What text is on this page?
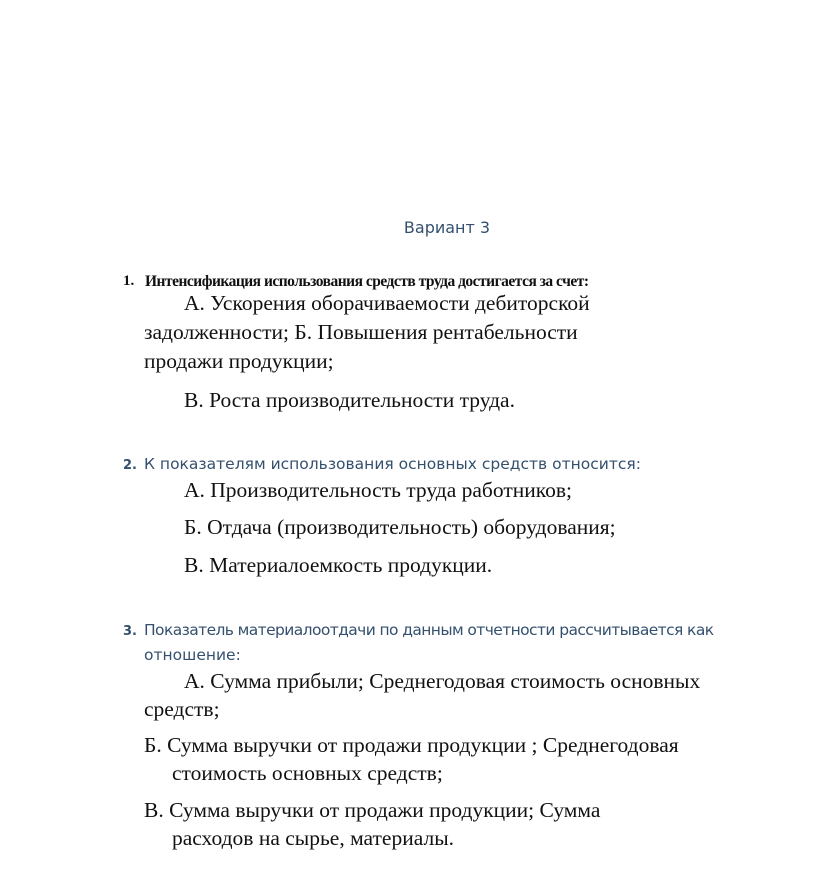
Вариант 3
1. Интенсификация использования средств труда достигается за счет:
А. Ускорения оборачиваемости дебиторской
задолженности; Б. Повышения рентабельности
продажи продукции;
В. Роста производительности труда.
2. К показателям использования основных средств относится:
А. Производительность труда работников;
Б. Отдача (производительность) оборудования;
В. Материалоемкость продукции.
3. Показатель материалоотдачи по данным отчетности рассчитывается как
отношение:
А. Сумма прибыли; Среднегодовая стоимость основных
средств;
Б. Сумма выручки от продажи продукции ; Среднегодовая
стоимость основных средств;
В. Сумма выручки от продажи продукции; Сумма
расходов на сырье, материалы.
